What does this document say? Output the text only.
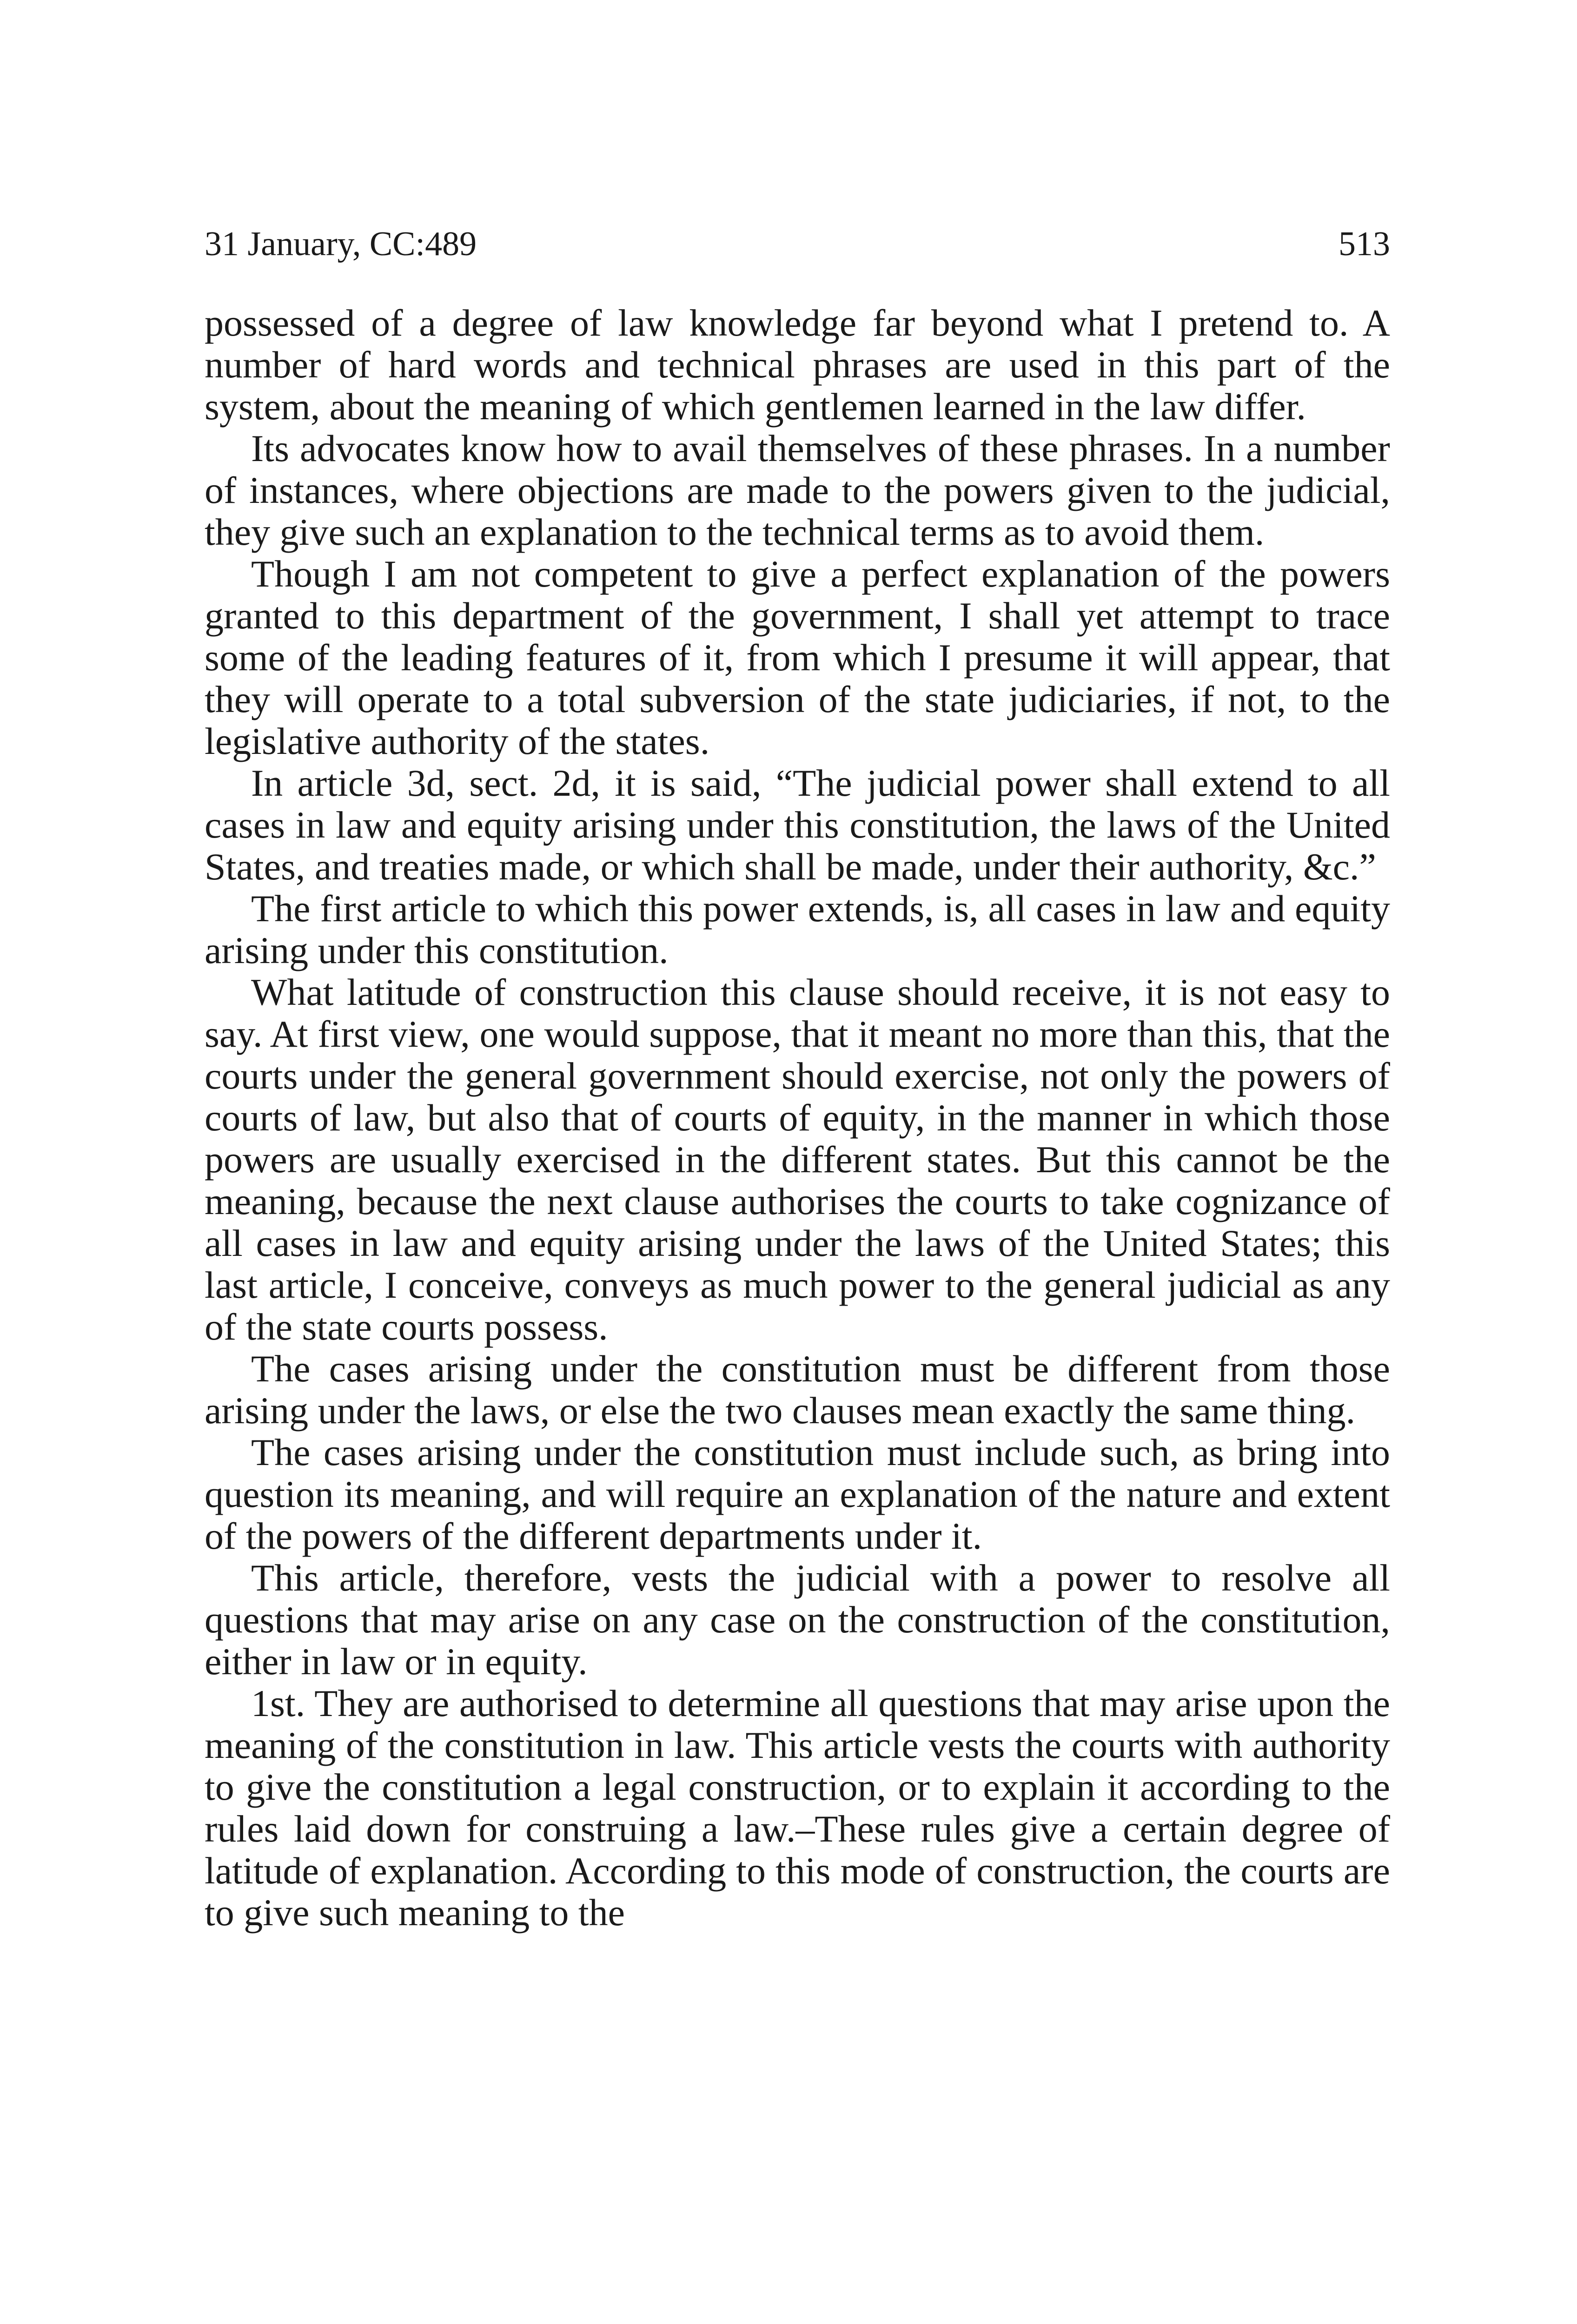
31 January, CC:489	513

possessed of a degree of law knowledge far beyond what I pretend to. A number of hard words and technical phrases are used in this part of the system, about the meaning of which gentlemen learned in the law differ.

Its advocates know how to avail themselves of these phrases. In a number of instances, where objections are made to the powers given to the judicial, they give such an explanation to the technical terms as to avoid them.

Though I am not competent to give a perfect explanation of the powers granted to this department of the government, I shall yet attempt to trace some of the leading features of it, from which I presume it will appear, that they will operate to a total subversion of the state judiciaries, if not, to the legislative authority of the states.

In article 3d, sect. 2d, it is said, “The judicial power shall extend to all cases in law and equity arising under this constitution, the laws of the United States, and treaties made, or which shall be made, under their authority, &c.”

The first article to which this power extends, is, all cases in law and equity arising under this constitution.

What latitude of construction this clause should receive, it is not easy to say. At first view, one would suppose, that it meant no more than this, that the courts under the general government should exercise, not only the powers of courts of law, but also that of courts of equity, in the manner in which those powers are usually exercised in the different states. But this cannot be the meaning, because the next clause authorises the courts to take cognizance of all cases in law and equity arising under the laws of the United States; this last article, I conceive, conveys as much power to the general judicial as any of the state courts possess.

The cases arising under the constitution must be different from those arising under the laws, or else the two clauses mean exactly the same thing.

The cases arising under the constitution must include such, as bring into question its meaning, and will require an explanation of the nature and extent of the powers of the different departments under it.

This article, therefore, vests the judicial with a power to resolve all questions that may arise on any case on the construction of the constitution, either in law or in equity.

1st. They are authorised to determine all questions that may arise upon the meaning of the constitution in law. This article vests the courts with authority to give the constitution a legal construction, or to explain it according to the rules laid down for construing a law.–These rules give a certain degree of latitude of explanation. According to this mode of construction, the courts are to give such meaning to the
